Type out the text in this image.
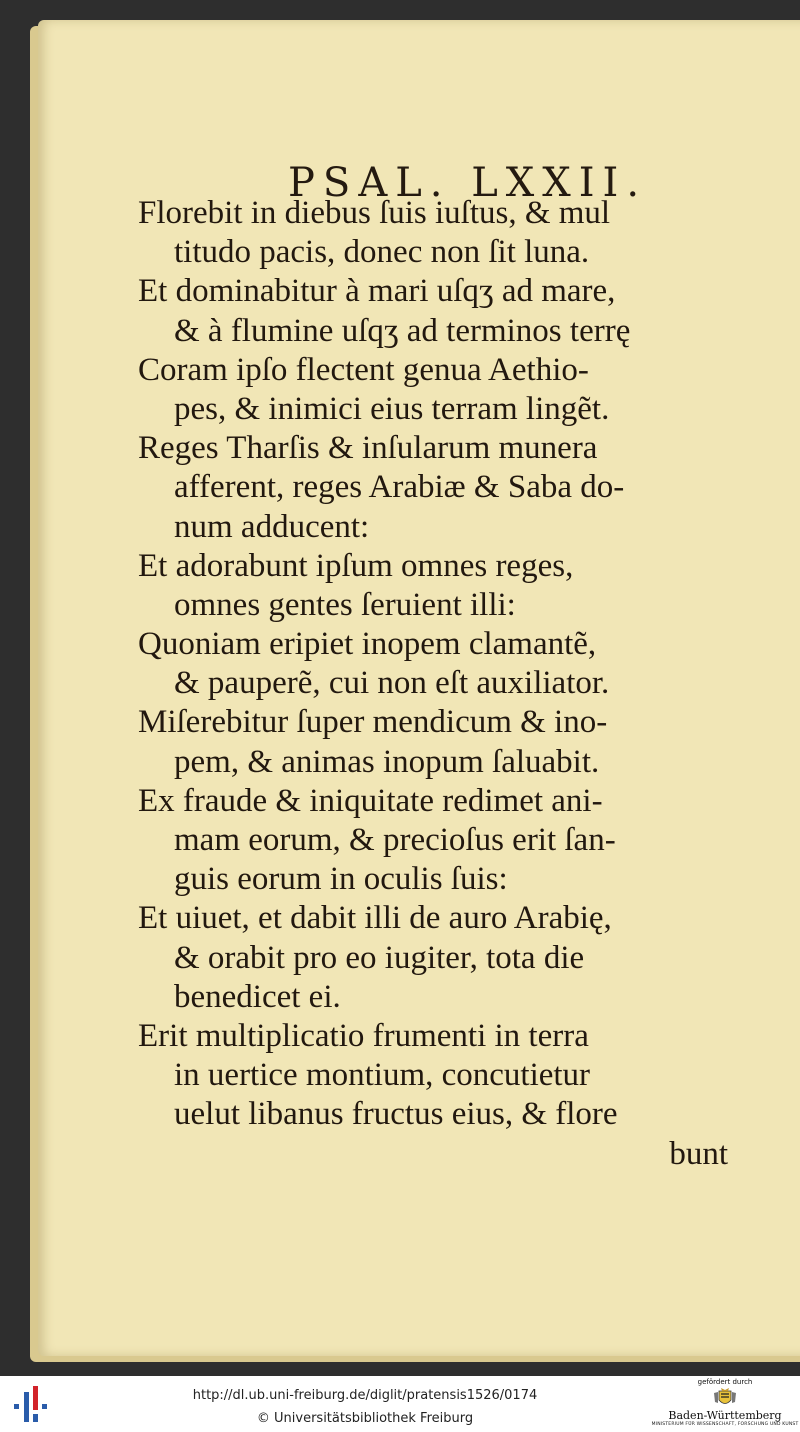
PSAL. LXXII.
Florebit in diebus ſuis iuſtus, & mul
titudo pacis, donec non ſit luna.
Et dominabitur à mari uſqʒ ad mare,
& à flumine uſqʒ ad terminos terrę
Coram ipſo flectent genua Aethio-
pes, & inimici eius terram lingẽt.
Reges Tharſis & inſularum munera
afferent, reges Arabiæ & Saba do-
num adducent:
Et adorabunt ipſum omnes reges,
omnes gentes ſeruient illi:
Quoniam eripiet inopem clamantẽ,
& pauperẽ, cui non eſt auxiliator.
Miſerebitur ſuper mendicum & ino-
pem, & animas inopum ſaluabit.
Ex fraude & iniquitate redimet ani-
mam eorum, & precioſus erit ſan-
guis eorum in oculis ſuis:
Et uiuet, et dabit illi de auro Arabię,
& orabit pro eo iugiter, tota die
benedicet ei.
Erit multiplicatio frumenti in terra
in uertice montium, concutietur
uelut libanus fructus eius, & flore
bunt
http://dl.ub.uni-freiburg.de/diglit/pratensis1526/0174
© Universitätsbibliothek Freiburg
gefördert durch
Baden-Württemberg
MINISTERIUM FÜR WISSENSCHAFT, FORSCHUNG UND KUNST
